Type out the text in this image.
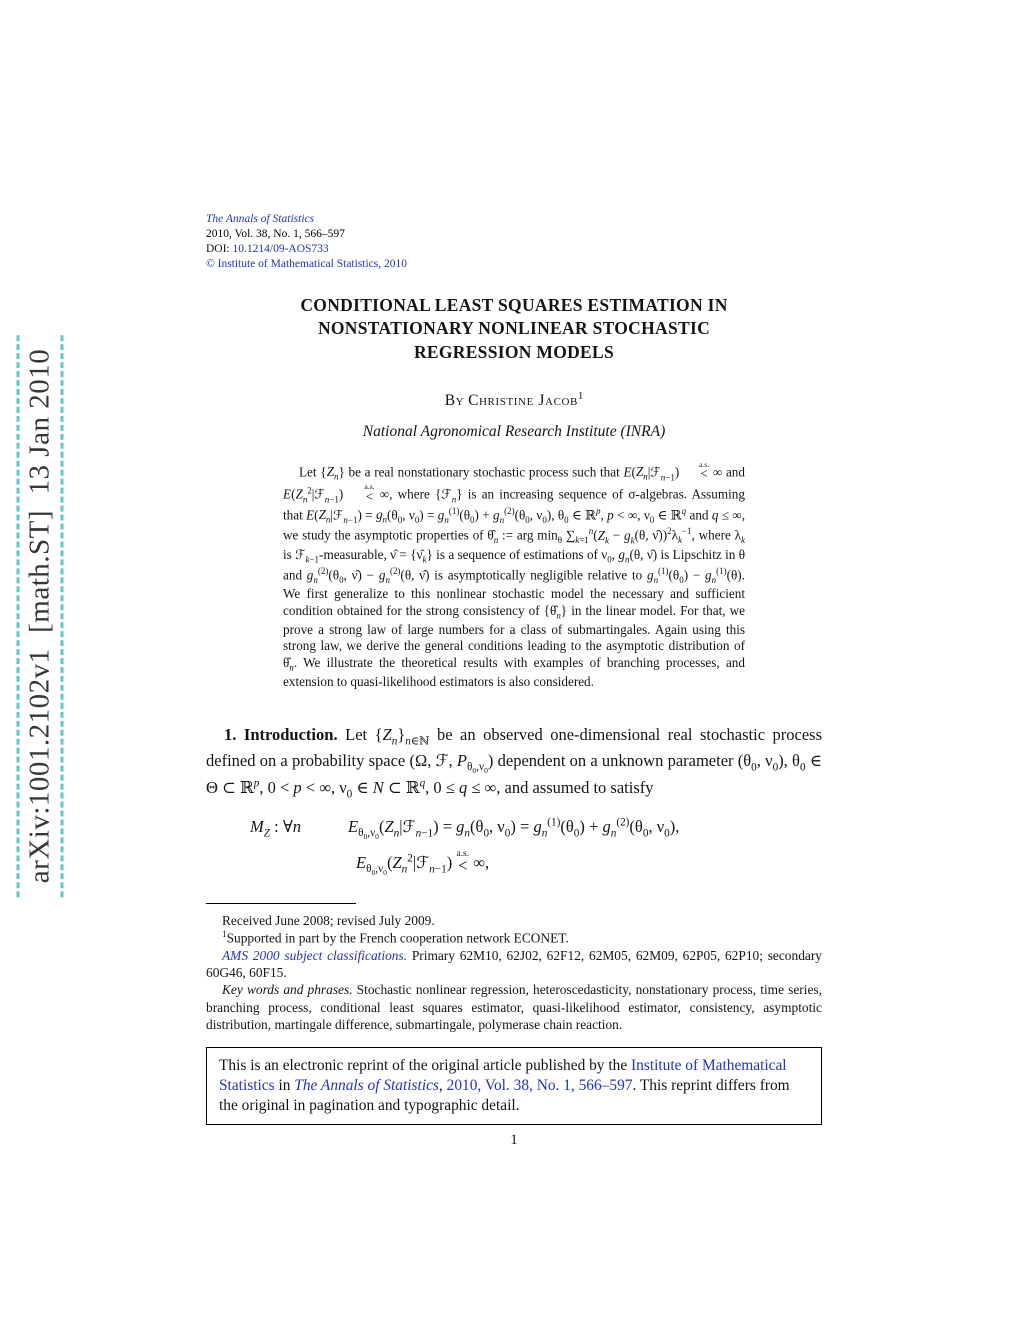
arXiv:1001.2102v1  [math.ST]  13 Jan 2010
The Annals of Statistics
2010, Vol. 38, No. 1, 566–597
DOI: 10.1214/09-AOS733
© Institute of Mathematical Statistics, 2010
CONDITIONAL LEAST SQUARES ESTIMATION IN
NONSTATIONARY NONLINEAR STOCHASTIC
REGRESSION MODELS
By Christine Jacob$^1$
National Agronomical Research Institute (INRA)
Let $\{Z_n\}$ be a real nonstationary stochastic process such that $E(Z_n|ℱ_{n-1})$
a.s.
< ∞ and $E(Z_n^2|ℱ_{n-1})$
a.s.
< ∞, where {ℱ$_n$} is an increasing sequence of σ-algebras. Assuming that $E(Z_n|ℱ_{n-1}) = g_n(\theta_0$, $\nu_0) = g_n^{(1)}(\theta_0) + g_n^{(2)}(\theta_0$, $\nu_0$), $\theta_0$ ∈ ℝ$^p$, p < ∞, $\nu_0$ ∈ ℝ$^q$ and q ≤ ∞, we study the asymptotic properties of $\thetâ_n$ := arg $\min_\theta \sum_{k=1}^n(Z_k - g_k(\theta$, $\nû))^2\lambda_k^{-1}$, where $\lambda_k$ is ℱ$_{k-1}$-measurable, ν̂ = $\{\nû_k\}$ is a sequence of estimations of $\nu_0$, $g_n(\theta$, ν̂) is Lipschitz in θ and $g_n^{(2)}(\theta_0$, ν̂) − $g_n^{(2)}(\theta$, ν̂) is asymptotically negligible relative to $g_n^{(1)}(\theta_0) - g_n^{(1)}(\theta)$. We first generalize to this nonlinear stochastic model the necessary and sufficient condition obtained for the strong consistency of $\{\thetâ_n\}$ in the linear model. For that, we prove a strong law of large numbers for a class of submartingales. Again using this strong law, we derive the general conditions leading to the asymptotic distribution of $\thetâ_n$. We illustrate the theoretical results with examples of branching processes, and extension to quasi-likelihood estimators is also considered.

1. Introduction. Let $\{Z_n\}_{n\in ℕ}$ be an observed one-dimensional real stochastic process defined on a probability space (Ω, ℱ, $P_{\theta_0,\nu_0}$) dependent on a unknown parameter ($\theta_0$, $\nu_0$), $\theta_0$ ∈ Θ ⊂ ℝ$^p$, 0 < p < ∞, $\nu_0$ ∈ N ⊂ ℝ$^q$, 0 ≤ q ≤ ∞, and assumed to satisfy

$M_Z$ : ∀n	$E_{\theta_0,\nu_0}(Z_n|ℱ_{n-1}) = g_n(\theta_0$, $\nu_0) = g_n^{(1)}(\theta_0) + g_n^{(2)}(\theta_0$, $\nu_0$),
$E_{\theta_0,\nu_0}(Z_n^2|ℱ_{n-1})$ a.s.
< ∞,
Received June 2008; revised July 2009.
$^1$Supported in part by the French cooperation network ECONET.
AMS 2000 subject classifications. Primary 62M10, 62J02, 62F12, 62M05, 62M09, 62P05, 62P10; secondary 60G46, 60F15.
Key words and phrases. Stochastic nonlinear regression, heteroscedasticity, nonstationary process, time series, branching process, conditional least squares estimator, quasi-likelihood estimator, consistency, asymptotic distribution, martingale difference, submartingale, polymerase chain reaction.
This is an electronic reprint of the original article published by the Institute of Mathematical Statistics in The Annals of Statistics, 2010, Vol. 38, No. 1, 566–597. This reprint differs from the original in pagination and typographic detail.
1
